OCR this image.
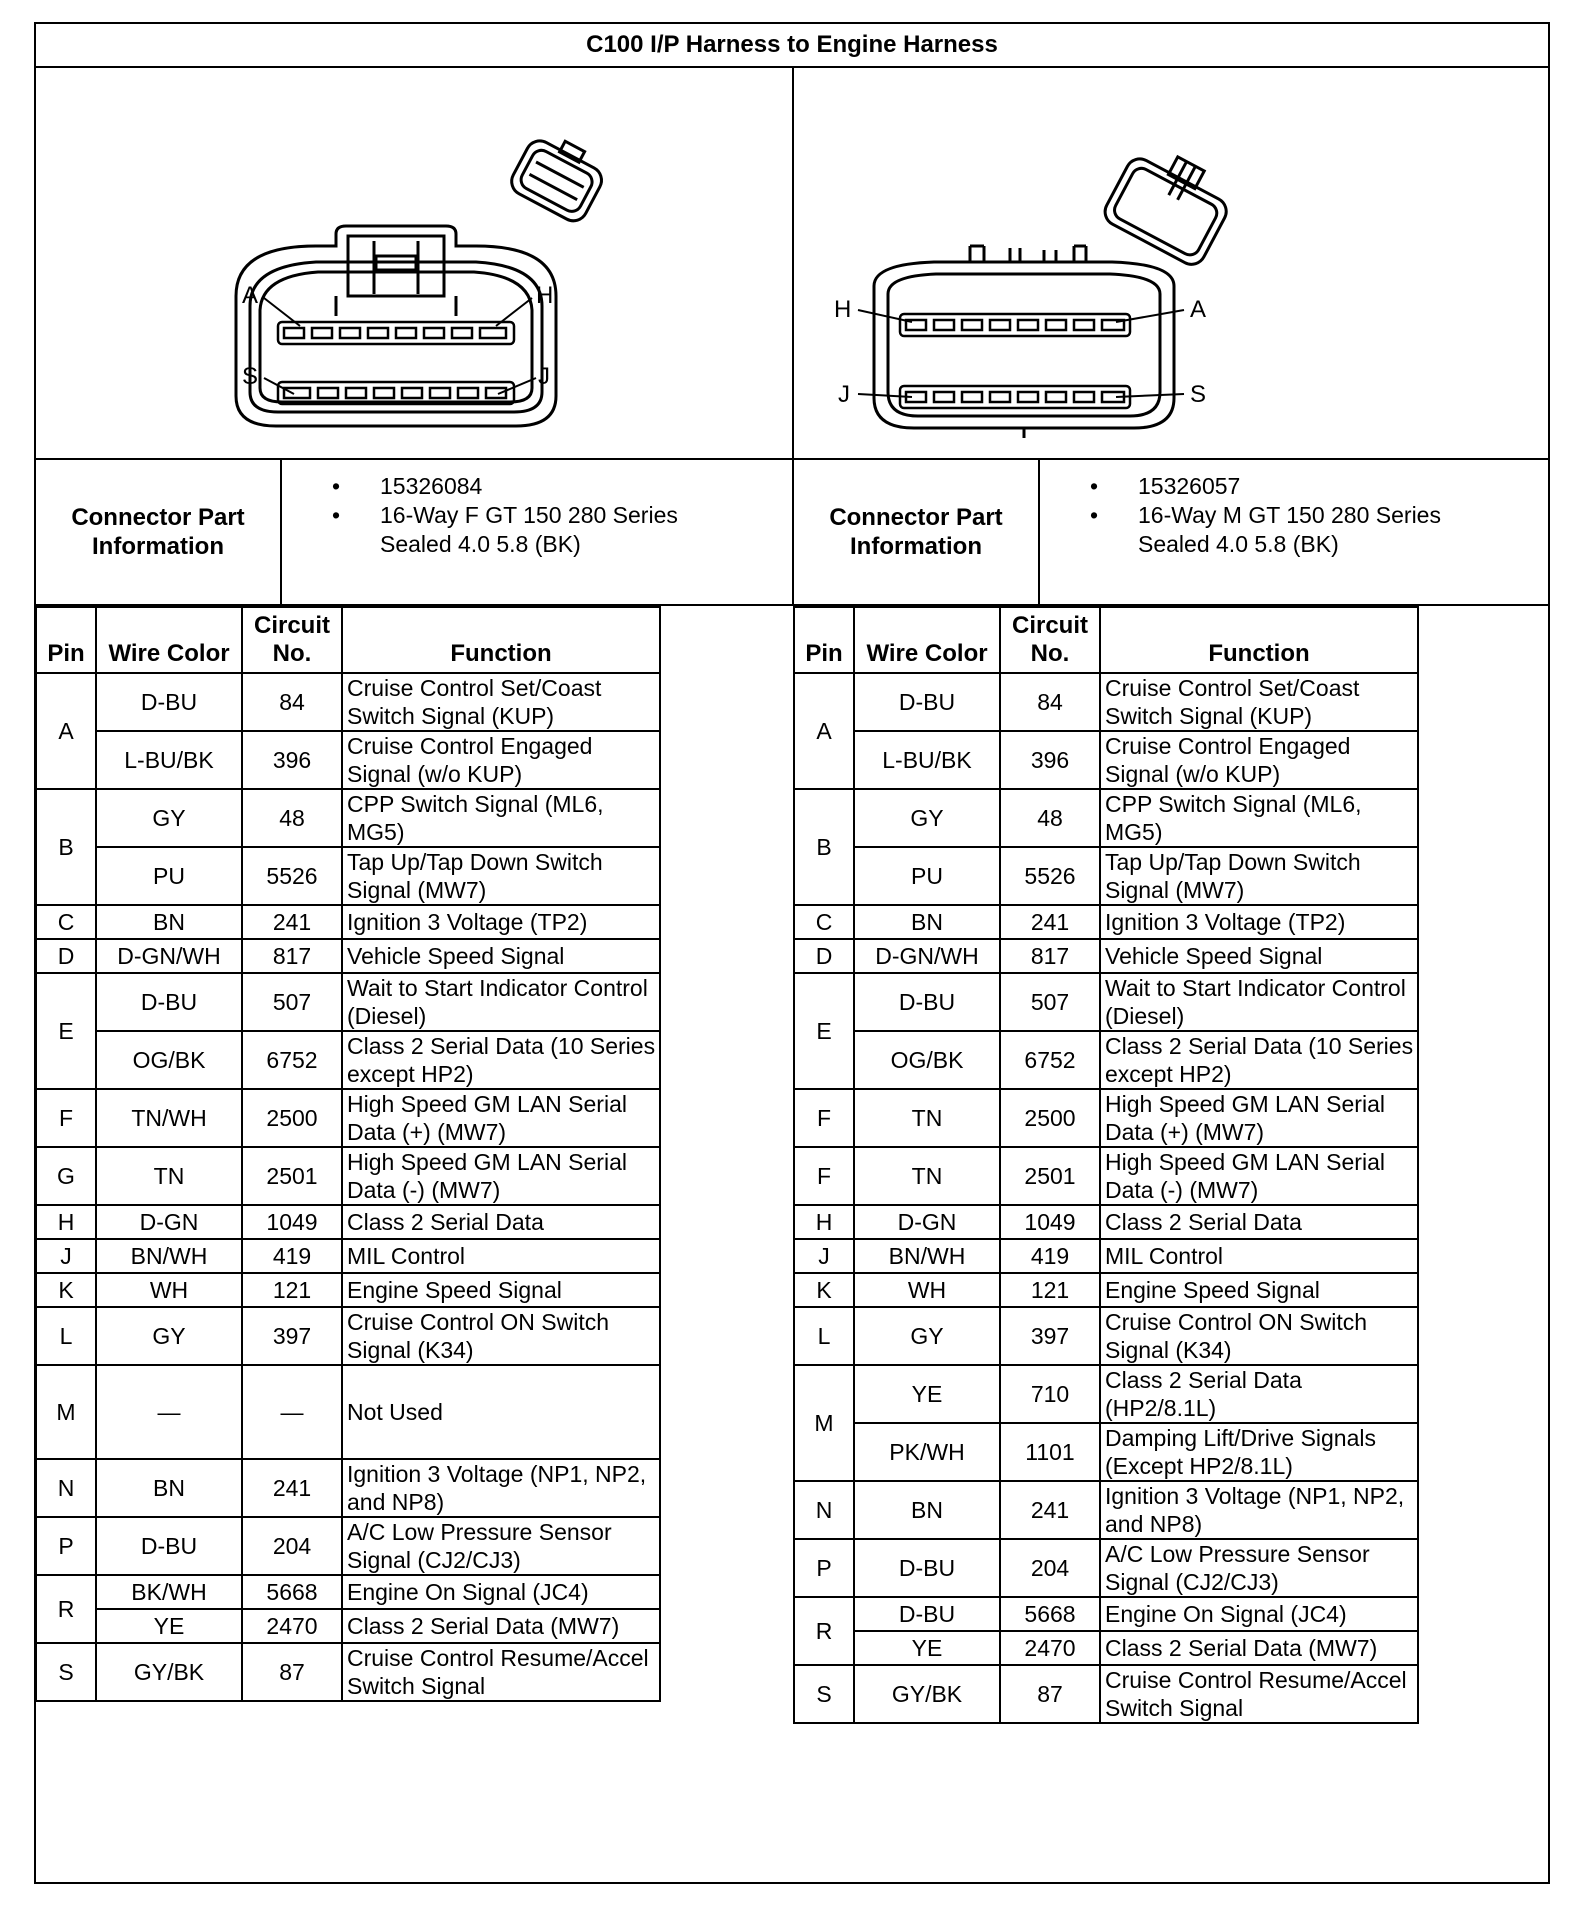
C100 I/P Harness to Engine Harness
A	H
S	J
H	A
J	S
Connector Part Information
• 15326084
• 16-Way F GT 150 280 Series
Sealed 4.0 5.8 (BK)
Connector Part Information
• 15326057
• 16-Way M GT 150 280 Series
Sealed 4.0 5.8 (BK)
Pin	Wire Color	Circuit No.	Function
A	D-BU	84	Cruise Control Set/Coast Switch Signal (KUP)
	L-BU/BK	396	Cruise Control Engaged Signal (w/o KUP)
B	GY	48	CPP Switch Signal (ML6, MG5)
	PU	5526	Tap Up/Tap Down Switch Signal (MW7)
C	BN	241	Ignition 3 Voltage (TP2)
D	D-GN/WH	817	Vehicle Speed Signal
E	D-BU	507	Wait to Start Indicator Control (Diesel)
	OG/BK	6752	Class 2 Serial Data (10 Series except HP2)
F	TN/WH	2500	High Speed GM LAN Serial Data (+) (MW7)
G	TN	2501	High Speed GM LAN Serial Data (-) (MW7)
H	D-GN	1049	Class 2 Serial Data
J	BN/WH	419	MIL Control
K	WH	121	Engine Speed Signal
L	GY	397	Cruise Control ON Switch Signal (K34)
M	—	—	Not Used
N	BN	241	Ignition 3 Voltage (NP1, NP2, and NP8)
P	D-BU	204	A/C Low Pressure Sensor Signal (CJ2/CJ3)
R	BK/WH	5668	Engine On Signal (JC4)
	YE	2470	Class 2 Serial Data (MW7)
S	GY/BK	87	Cruise Control Resume/Accel Switch Signal
Pin	Wire Color	Circuit No.	Function
A	D-BU	84	Cruise Control Set/Coast Switch Signal (KUP)
	L-BU/BK	396	Cruise Control Engaged Signal (w/o KUP)
B	GY	48	CPP Switch Signal (ML6, MG5)
	PU	5526	Tap Up/Tap Down Switch Signal (MW7)
C	BN	241	Ignition 3 Voltage (TP2)
D	D-GN/WH	817	Vehicle Speed Signal
E	D-BU	507	Wait to Start Indicator Control (Diesel)
	OG/BK	6752	Class 2 Serial Data (10 Series except HP2)
F	TN	2500	High Speed GM LAN Serial Data (+) (MW7)
F	TN	2501	High Speed GM LAN Serial Data (-) (MW7)
H	D-GN	1049	Class 2 Serial Data
J	BN/WH	419	MIL Control
K	WH	121	Engine Speed Signal
L	GY	397	Cruise Control ON Switch Signal (K34)
M	YE	710	Class 2 Serial Data (HP2/8.1L)
	PK/WH	1101	Damping Lift/Drive Signals (Except HP2/8.1L)
N	BN	241	Ignition 3 Voltage (NP1, NP2, and NP8)
P	D-BU	204	A/C Low Pressure Sensor Signal (CJ2/CJ3)
R	D-BU	5668	Engine On Signal (JC4)
	YE	2470	Class 2 Serial Data (MW7)
S	GY/BK	87	Cruise Control Resume/Accel Switch Signal
